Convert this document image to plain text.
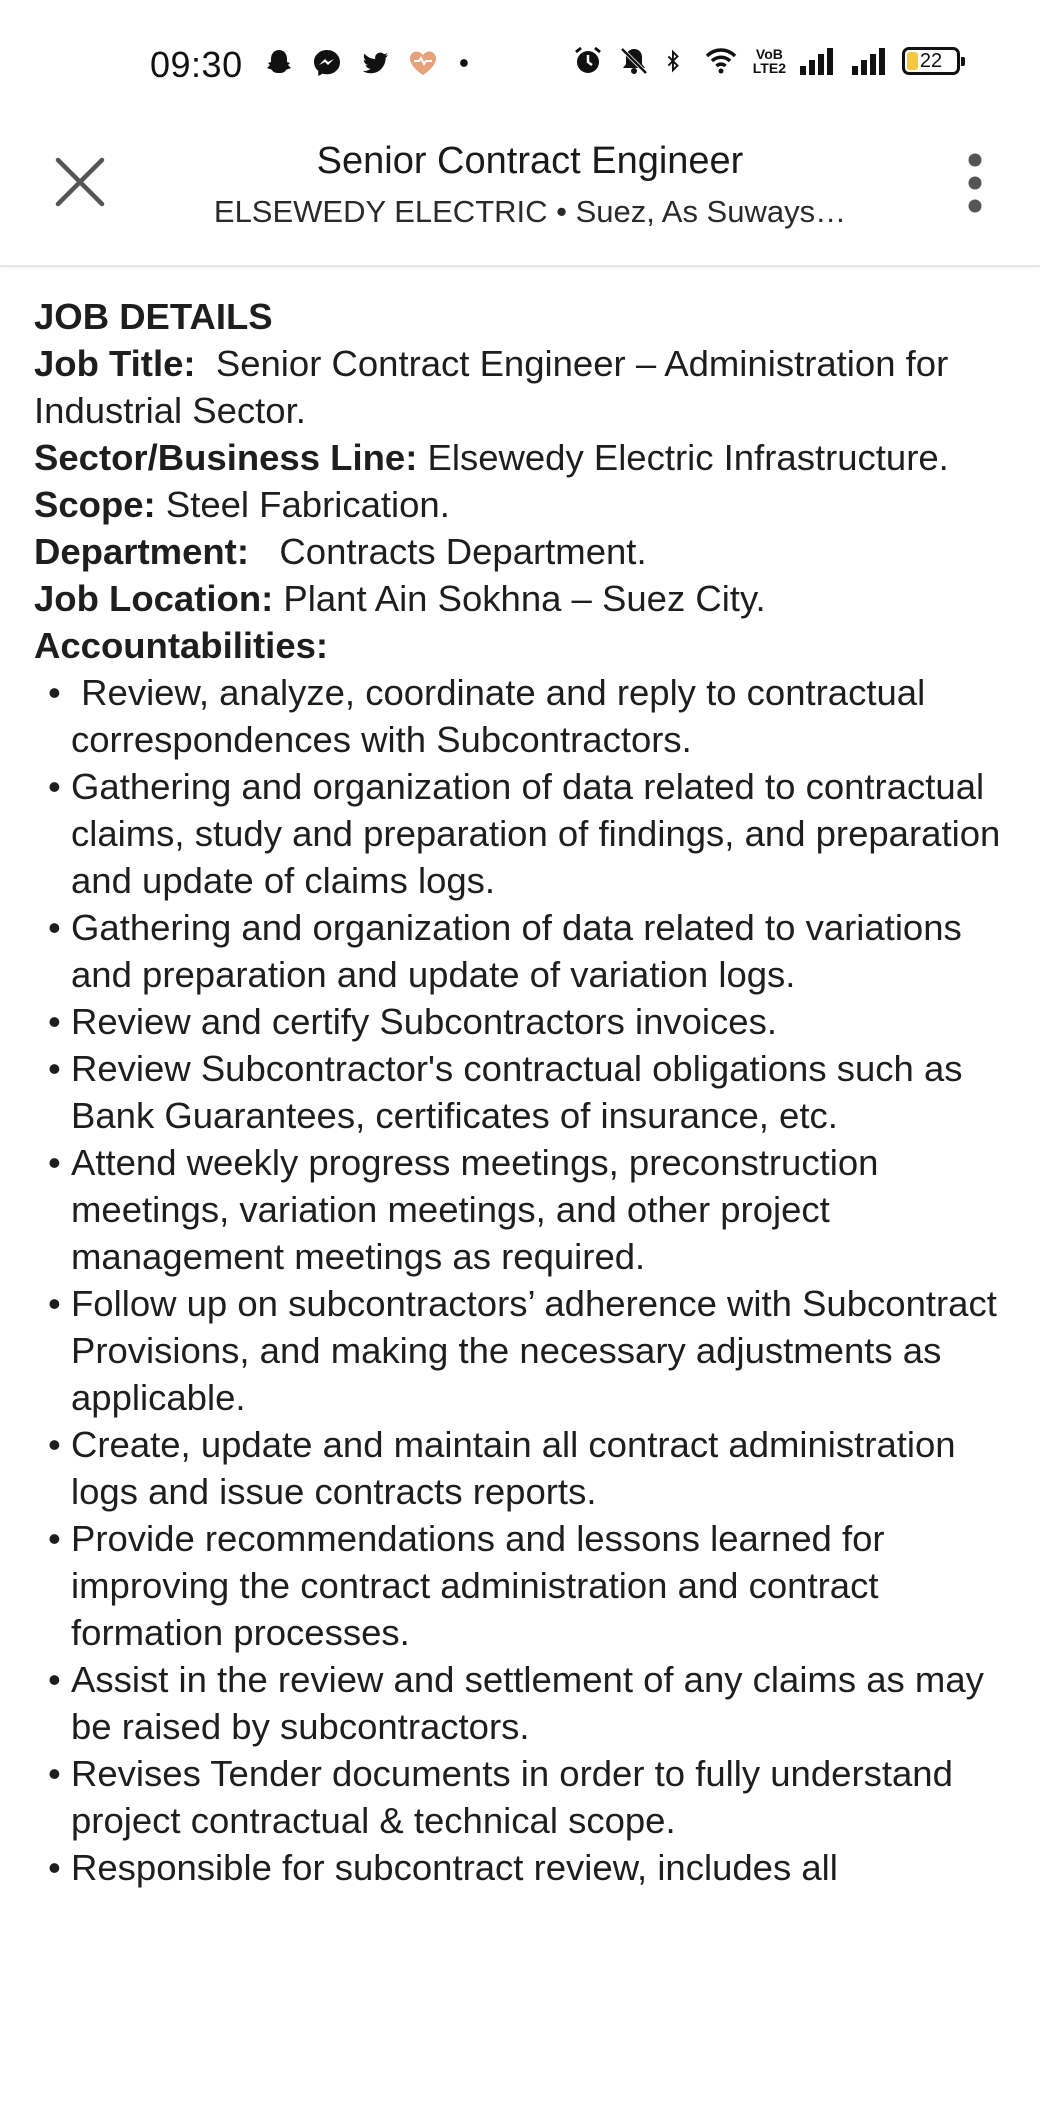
09:30	VoB
LTE2	22
Senior Contract Engineer
ELSEWEDY ELECTRIC • Suez, As Suways…
JOB DETAILS
Job Title:  Senior Contract Engineer – Administration for Industrial Sector.
Sector/Business Line: Elsewedy Electric Infrastructure.
Scope: Steel Fabrication.
Department:   Contracts Department.
Job Location: Plant Ain Sokhna – Suez City.
Accountabilities:
• Review, analyze, coordinate and reply to contractual correspondences with Subcontractors.
• Gathering and organization of data related to contractual claims, study and preparation of findings, and preparation and update of claims logs.
• Gathering and organization of data related to variations and preparation and update of variation logs.
• Review and certify Subcontractors invoices.
• Review Subcontractor's contractual obligations such as Bank Guarantees, certificates of insurance, etc.
• Attend weekly progress meetings, preconstruction meetings, variation meetings, and other project management meetings as required.
• Follow up on subcontractors’ adherence with Subcontract Provisions, and making the necessary adjustments as applicable.
• Create, update and maintain all contract administration logs and issue contracts reports.
• Provide recommendations and lessons learned for improving the contract administration and contract formation processes.
• Assist in the review and settlement of any claims as may be raised by subcontractors.
• Revises Tender documents in order to fully understand project contractual & technical scope.
• Responsible for subcontract review, includes all
